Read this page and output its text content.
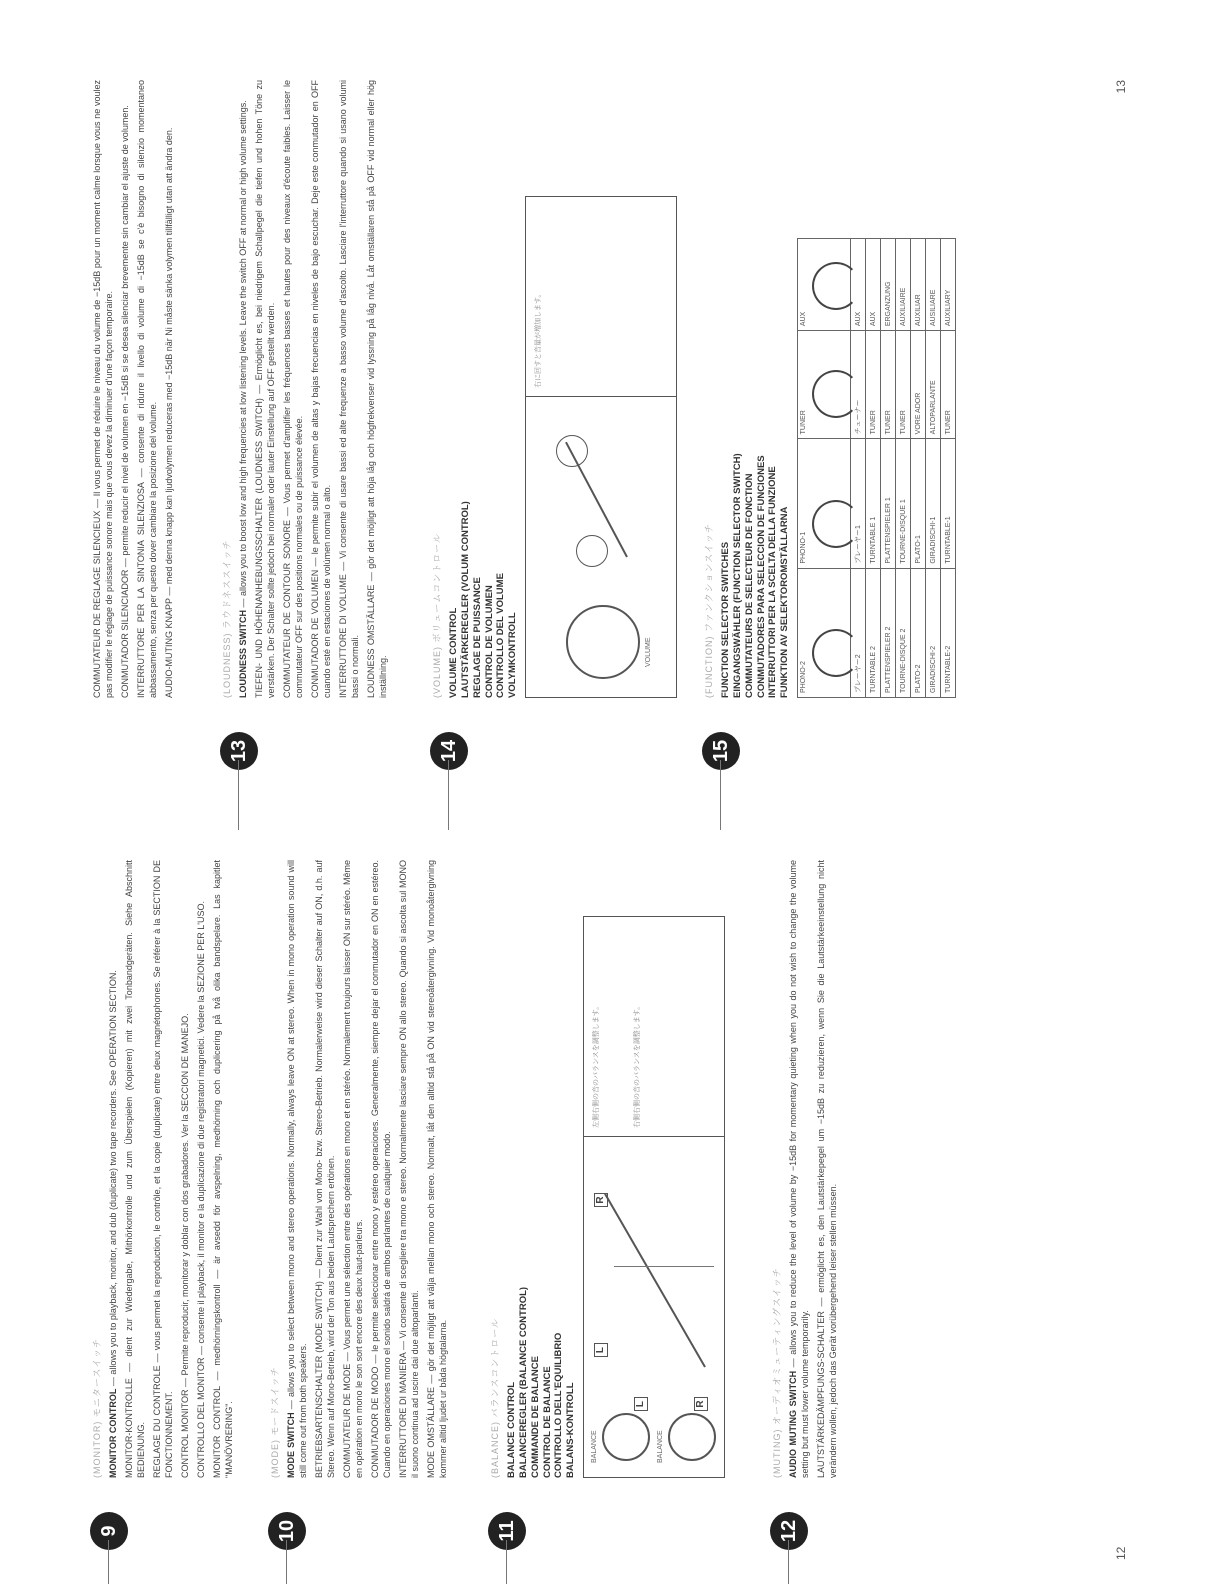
9
(MONITOR) モニタースイッチ MONITOR CONTROL — allows you to playback, monitor, and dub (duplicate) two tape recorders. See OPERATION SECTION. MONITOR-KONTROLLE — dient zur Wiedergabe, Mithörkontrolle und zum Überspielen (Kopieren) mit zwei Tonbandgeräten. Siehe Abschnitt BEDIENUNG. REGLAGE DU CONTROLE — vous permet la reproduction, le contrôle, et la copie (duplicate) entre deux magnétophones. Se référer à la SECTION DE FONCTIONNEMENT. CONTROL MONITOR — Permite reproducir, monitorar y doblar con dos grabadores. Ver la SECCION DE MANEJO. CONTROLLO DEL MONITOR — consente il playback, il monitor e la duplicazione di due registratori magnetici. Vedere la SEZIONE PER L'USO. MONITOR CONTROL — medhörningskontroll — är avsedd för avspelning, medhörning och duplicering på två olika bandspelare. Las kapitlet "MANÖVRERING".
10
(MODE) モードスイッチ MODE SWITCH — allows you to select between mono and stereo operations. Normally, always leave ON at stereo. When in mono operation sound will still come out from both speakers. BETRIEBSARTENSCHALTER (MODE SWITCH) — Dient zur Wahl von Mono- bzw. Stereo-Betrieb. Normalerweise wird dieser Schalter auf ON, d.h. auf Stereo. Wenn auf Mono-Betrieb, wird der Ton aus beiden Lautsprechern ertönen. COMMUTATEUR DE MODE — Vous permet une sélection entre des opérations en mono et en stéréo. Normalement toujours laisser ON sur stéréo. Même en opération en mono le son sort encore des deux haut-parleurs. CONMUTADOR DE MODO — le permite seleccionar entre mono y estéreo operaciones. Generalmente, siempre dejar el conmutador en ON en estéreo. Cuando en operaciones mono el sonido saldrá de ambos parlantes de cualquier modo. INTERRUTTORE DI MANIERA — Vi consente di scegliere tra mono e stereo. Normalmente lasciare sempre ON allo stereo. Quando si ascolta sul MONO il suono continua ad uscire dai due altoparlanti. MODE OMSTÄLLARE — gör det möjligt att välja mellan mono och stereo. Normalt, låt den alltid stå på ON vid stereoåtergivning. Vid monoåtergivning kommer alltid ljudet ur båda högtalarna.
11
(BALANCE) バランスコントロール BALANCE CONTROL BALANCEREGLER (BALANCE CONTROL) COMMANDE DE BALANCE CONTROL DE BALANCE CONTROLLO DELL'EQUILIBRIO BALANS-KONTROLL BALANCE	BALANCE
L	R
L
R
左側右側の音のバランスを調整します。	右側右側の音のバランスを調整します。
12
(MUTING) オーディオミューティングスイッチ AUDIO MUTING SWITCH — allows you to reduce the level of volume by −15dB for momentary quieting when you do not wish to change the volume setting but must lower volume temporarily. LAUTSTÄRKEDÄMPFUNGS-SCHALTER — ermöglicht es, den Lautstärkepegel um −15dB zu reduzieren, wenn Sie die Lautstärkeeinstellung nicht verändern wollen, jedoch das Gerät vorübergehend leiser stellen müssen.
12
COMMUTATEUR DE REGLAGE SILENCIEUX — Il vous permet de réduire le niveau du volume de −15dB pour un moment calme lorsque vous ne voulez pas modifier le réglage de puissance sonore mais que vous devez la diminuer d'une façon temporaire. CONMUTADOR SILENCIADOR — permite reducir el nivel de volumen en −15dB si se desea silenciar brevemente sin cambiar el ajuste de volumen. INTERRUTTORE PER LA SINTONIA SILENZIOSA — consente di ridurre il livello di volume di −15dB se c'è bisogno di silenzio momentaneo abbassamento, senza per questo dover cambiare la posizione del volume. AUDIO-MUTING KNAPP — med denna knapp kan ljudvolymen reduceras med −15dB när Ni måste sänka volymen tillfälligt utan att ändra den.
13
(LOUDNESS) ラウドネススイッチ LOUDNESS SWITCH — allows you to boost low and high frequencies at low listening levels. Leave the switch OFF at normal or high volume settings. TIEFEN- UND HÖHENANHEBUNGSSCHALTER (LOUDNESS SWITCH) — Ermöglicht es, bei niedrigem Schallpegel die tiefen und hohen Töne zu verstärken. Der Schalter sollte jedoch bei normaler oder lauter Einstellung auf OFF gestellt werden. COMMUTATEUR DE CONTOUR SONORE — Vous permet d'amplifier les fréquences basses et hautes pour des niveaux d'écoute faibles. Laisser le commutateur OFF sur des positions normales ou de puissance élevée. CONMUTADOR DE VOLUMEN — le permite subir el volumen de altas y bajas frecuencias en niveles de bajo escuchar. Deje este conmutador en OFF cuando esté en estaciones de volúmen normal o alto. INTERRUTTORE DI VOLUME — Vi consente di usare bassi ed alte frequenze a basso volume d'ascolto. Lasciare l'interruttore quando si usano volumi bassi o normali. LOUDNESS OMSTÄLLARE — gör det möjligt att höja låg och högfrekvenser vid lyssning på låg nivå. Låt omställaren stå på OFF vid normal eller hög inställning.
14
(VOLUME) ボリュームコントロール VOLUME CONTROL LAUTSTÄRKEREGLER (VOLUM CONTROL) REGLAGE DE PUISSANCE CONTROL DE VOLUMEN CONTROLLO DEL VOLUME VOLYMKONTROLL	VOLUME
右に回すと音量が増加します。
15
(FUNCTION) ファンクションスイッチ FUNCTION SELECTOR SWITCHES EINGANGSWÄHLER (FUNCTION SELECTOR SWITCH) COMMUTATEURS DE SELECTEUR DE FONCTION CONMUTADORES PARA SELECCION DE FUNCIONES INTERRUTTORI PER LA SCELTA DELLA FUNZIONE FUNKTION AV SELEKTOROMSTÄLLARNA PHONO-2	PHONO-1	TUNER	AUX

プレーヤー2	プレーヤー1	チューナー	AUX
TURNTABLE 2	TURNTABLE 1	TUNER	AUX
PLATTENSPIELER 2	PLATTENSPIELER 1	TUNER	ERGANZUNG
TOURNE-DISQUE 2	TOURNE-DISQUE 1	TUNER	AUXILIAIRE
PLATO-2	PLATO-1	VORE ADOR	AUXILIAR
GIRADISCHI-2	GIRADISCHI-1	ALTOPARLANTE	AUSILIARE
TURNTABLE-2	TURNTABLE-1	TUNER	AUXILIARY
13
